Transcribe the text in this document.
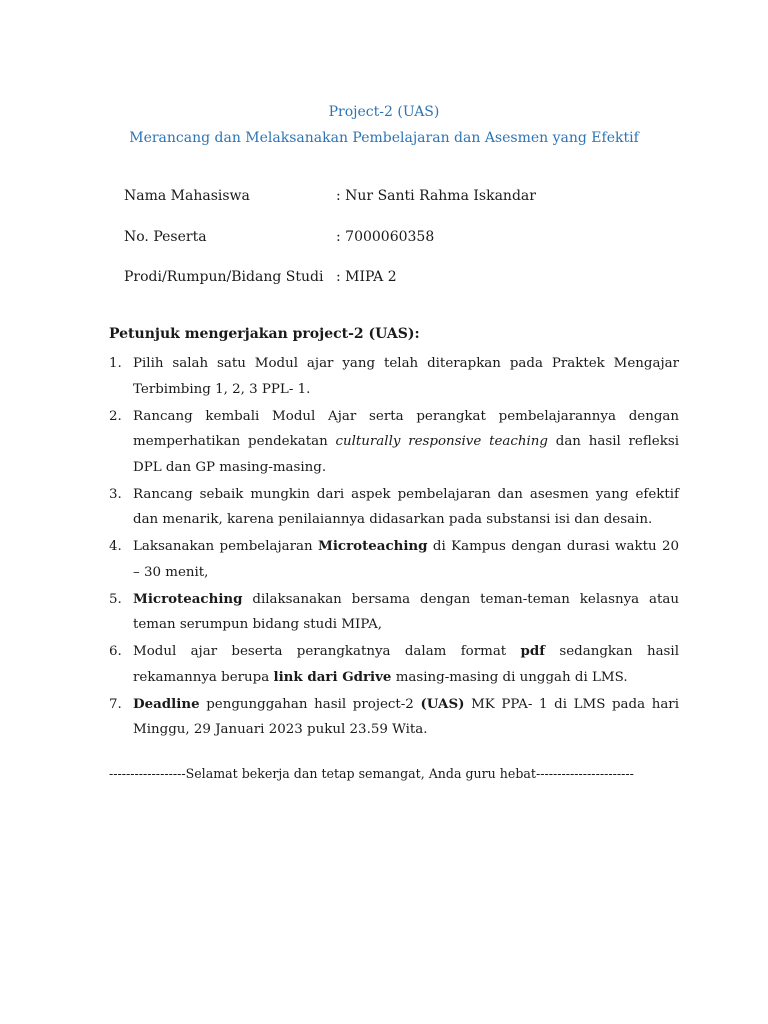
Project-2 (UAS)
Merancang dan Melaksanakan Pembelajaran dan Asesmen yang Efektif
Nama Mahasiswa	: Nur Santi Rahma Iskandar
No. Peserta	: 7000060358
Prodi/Rumpun/Bidang Studi : MIPA 2
Petunjuk mengerjakan project-2 (UAS):
1. Pilih salah satu Modul ajar yang telah diterapkan pada Praktek Mengajar Terbimbing 1, 2, 3 PPL- 1.
2. Rancang kembali Modul Ajar serta perangkat pembelajarannya dengan memperhatikan pendekatan culturally responsive teaching dan hasil refleksi DPL dan GP masing-masing.
3. Rancang sebaik mungkin dari aspek pembelajaran dan asesmen yang efektif dan menarik, karena penilaiannya didasarkan pada substansi isi dan desain.
4. Laksanakan pembelajaran Microteaching di Kampus dengan durasi waktu 20 – 30 menit,
5. Microteaching dilaksanakan bersama dengan teman-teman kelasnya atau teman serumpun bidang studi MIPA,
6. Modul ajar beserta perangkatnya dalam format pdf sedangkan hasil rekamannya berupa link dari Gdrive masing-masing di unggah di LMS.
7. Deadline pengunggahan hasil project-2 (UAS) MK PPA- 1 di LMS pada hari Minggu, 29 Januari 2023 pukul 23.59 Wita.
------------------Selamat bekerja dan tetap semangat, Anda guru hebat-----------------------
